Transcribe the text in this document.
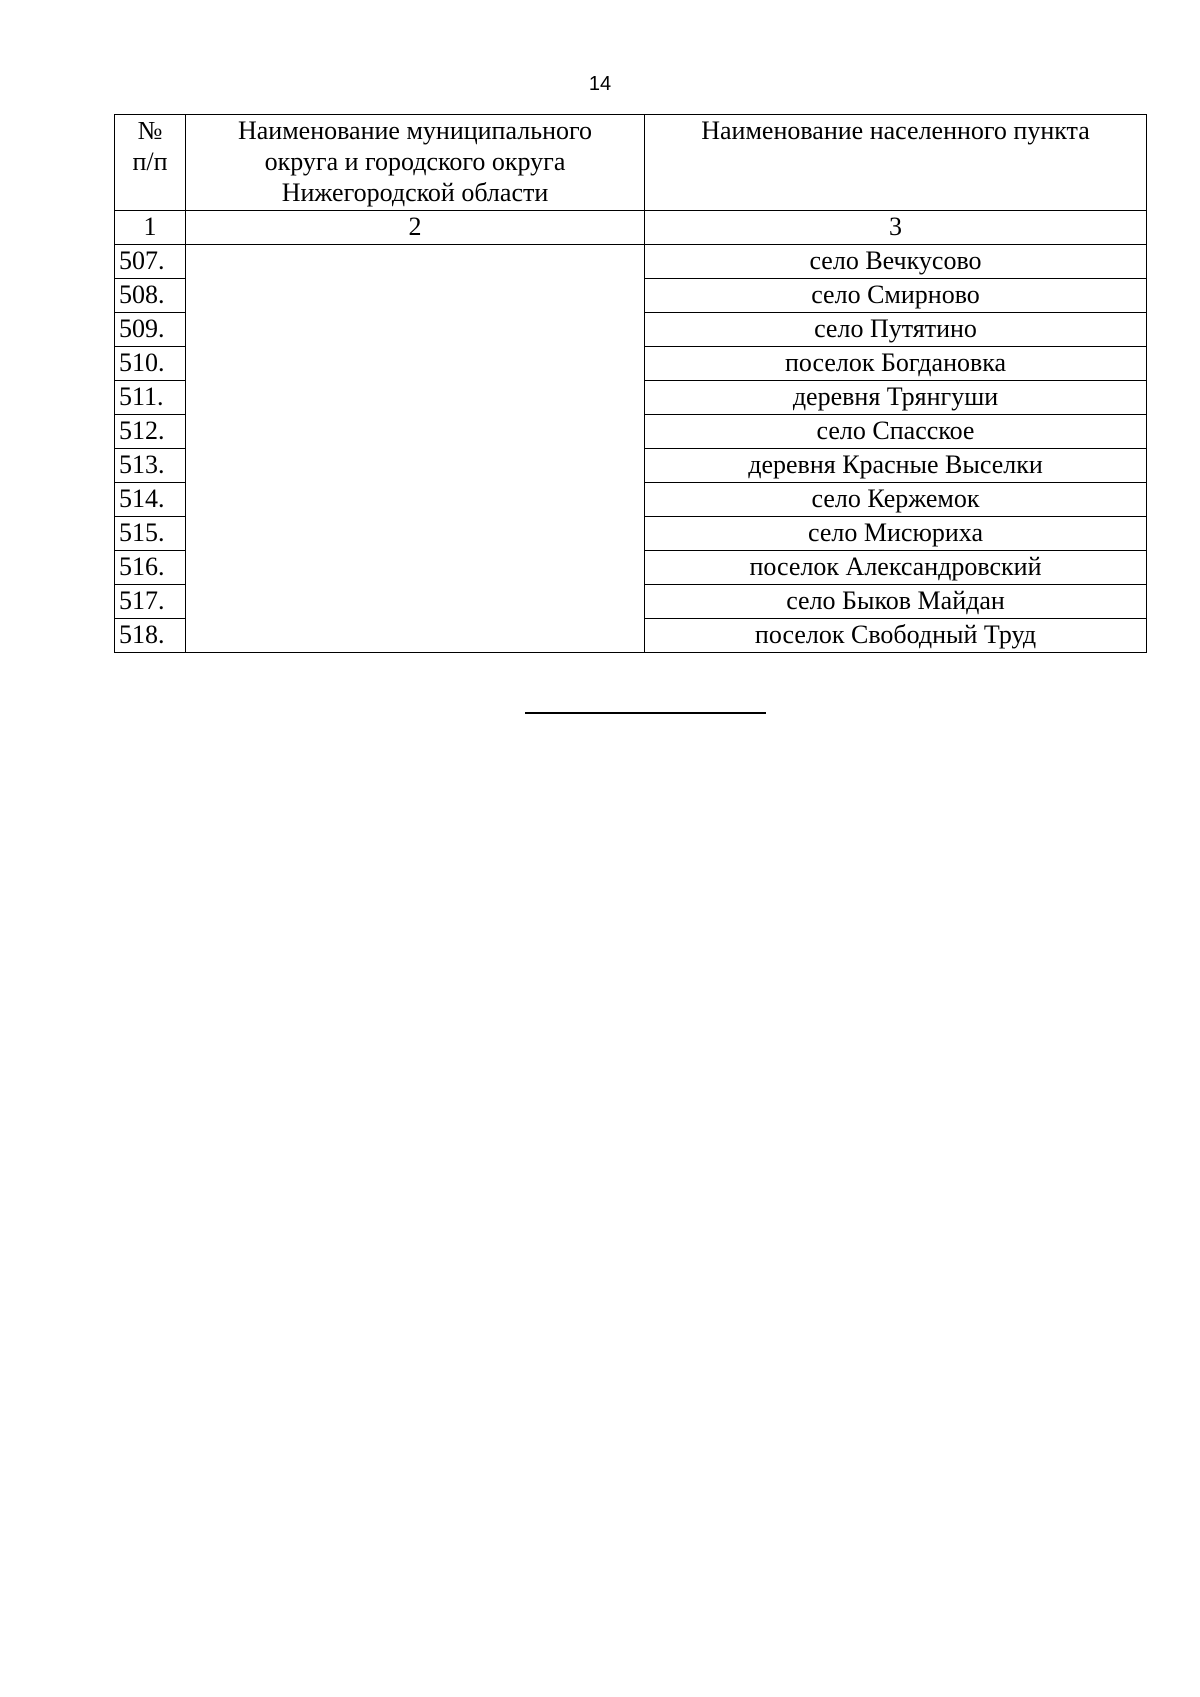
14
№
п/п	Наименование муниципального округа и городского округа Нижегородской области	Наименование населенного пункта
1	2	3
507.		село Вечкусово
508.		село Смирново
509.		село Путятино
510.		поселок Богдановка
511.		деревня Трянгуши
512.		село Спасское
513.		деревня Красные Выселки
514.		село Кержемок
515.		село Мисюриха
516.		поселок Александровский
517.		село Быков Майдан
518.		поселок Свободный Труд
